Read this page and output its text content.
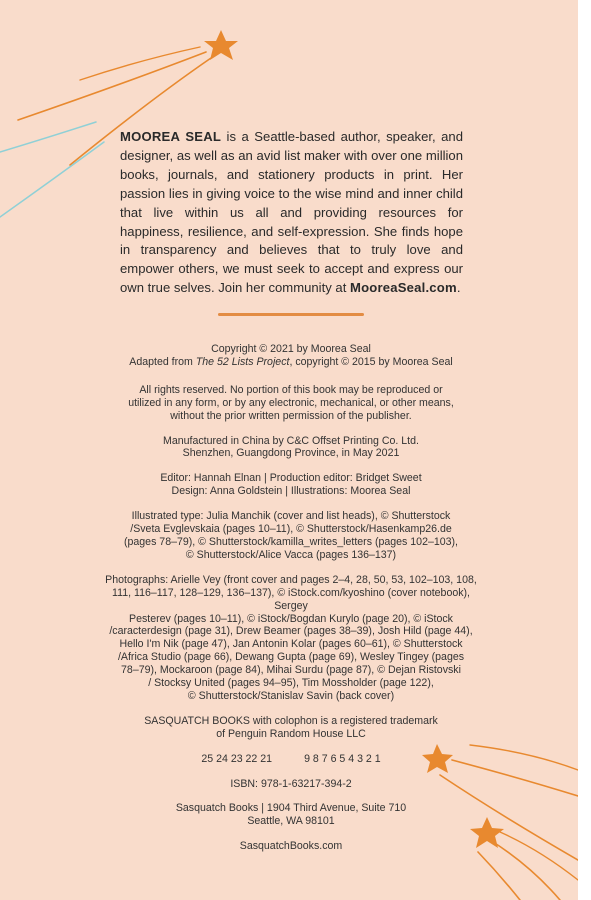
MOOREA SEAL is a Seattle-based author, speaker, and designer, as well as an avid list maker with over one million books, journals, and stationery products in print. Her passion lies in giving voice to the wise mind and inner child that live within us all and providing resources for happiness, resilience, and self-expression. She finds hope in transparency and believes that to truly love and empower others, we must seek to accept and express our own true selves. Join her community at MooreaSeal.com.

Copyright © 2021 by Moorea Seal

Adapted from The 52 Lists Project, copyright © 2015 by Moorea Seal

All rights reserved. No portion of this book may be reproduced or

utilized in any form, or by any electronic, mechanical, or other means,

without the prior written permission of the publisher.

Manufactured in China by C&C Offset Printing Co. Ltd.

Shenzhen, Guangdong Province, in May 2021

Editor: Hannah Elnan | Production editor: Bridget Sweet

Design: Anna Goldstein | Illustrations: Moorea Seal

Illustrated type: Julia Manchik (cover and list heads), © Shutterstock

/Sveta Evglevskaia (pages 10–11), © Shutterstock/Hasenkamp26.de

(pages 78–79), © Shutterstock/kamilla_writes_letters (pages 102–103),

© Shutterstock/Alice Vacca (pages 136–137)

Photographs: Arielle Vey (front cover and pages 2–4, 28, 50, 53, 102–103, 108,

111, 116–117, 128–129, 136–137), © iStock.com/kyoshino (cover notebook), Sergey

Pesterev (pages 10–11), © iStock/Bogdan Kurylo (page 20), © iStock

/caracterdesign (page 31), Drew Beamer (pages 38–39), Josh Hild (page 44),

Hello I'm Nik (page 47), Jan Antonin Kolar (pages 60–61), © Shutterstock

/Africa Studio (page 66), Dewang Gupta (page 69), Wesley Tingey (pages

78–79), Mockaroon (page 84), Mihai Surdu (page 87), © Dejan Ristovski

/ Stocksy United (pages 94–95), Tim Mossholder (page 122),

© Shutterstock/Stanislav Savin (back cover)

SASQUATCH BOOKS with colophon is a registered trademark

of Penguin Random House LLC

25 24 23 22 21	9 8 7 6 5 4 3 2 1

ISBN: 978-1-63217-394-2

Sasquatch Books | 1904 Third Avenue, Suite 710

Seattle, WA 98101

SasquatchBooks.com
